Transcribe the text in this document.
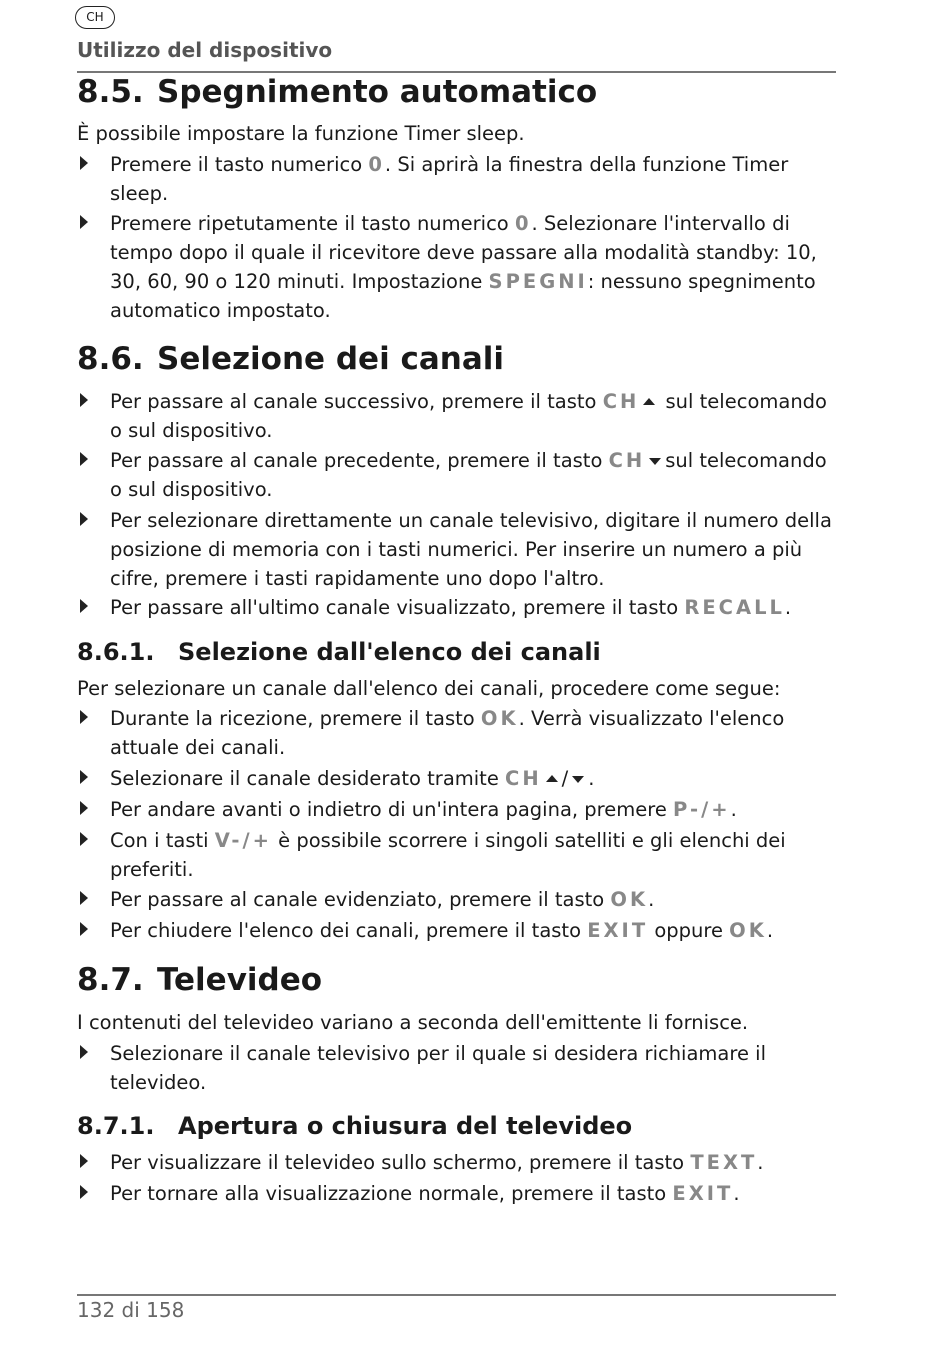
CH
Utilizzo del dispositivo
8.5. Spegnimento automatico
È possibile impostare la funzione Timer sleep.
Premere il tasto numerico 0. Si aprirà la finestra della funzione Timer sleep.
Premere ripetutamente il tasto numerico 0. Selezionare l'intervallo di tempo dopo il quale il ricevitore deve passare alla modalità standby: 10, 30, 60, 90 o 120 minuti. Impostazione SPEGNI: nessuno spegnimento automatico impostato.
8.6. Selezione dei canali
Per passare al canale successivo, premere il tasto CH sul telecomando o sul dispositivo.
Per passare al canale precedente, premere il tasto CH sul telecomando o sul dispositivo.
Per selezionare direttamente un canale televisivo, digitare il numero della posizione di memoria con i tasti numerici. Per inserire un numero a più cifre, premere i tasti rapidamente uno dopo l'altro.
Per passare all'ultimo canale visualizzato, premere il tasto RECALL.
8.6.1. Selezione dall'elenco dei canali
Per selezionare un canale dall'elenco dei canali, procedere come segue:
Durante la ricezione, premere il tasto OK. Verrà visualizzato l'elenco attuale dei canali.
Selezionare il canale desiderato tramite CH / .
Per andare avanti o indietro di un'intera pagina, premere P-/+.
Con i tasti V-/+ è possibile scorrere i singoli satelliti e gli elenchi dei preferiti.
Per passare al canale evidenziato, premere il tasto OK.
Per chiudere l'elenco dei canali, premere il tasto EXIT oppure OK.
8.7. Televideo
I contenuti del televideo variano a seconda dell'emittente li fornisce.
Selezionare il canale televisivo per il quale si desidera richiamare il televideo.
8.7.1. Apertura o chiusura del televideo
Per visualizzare il televideo sullo schermo, premere il tasto TEXT.
Per tornare alla visualizzazione normale, premere il tasto EXIT.
132 di 158
